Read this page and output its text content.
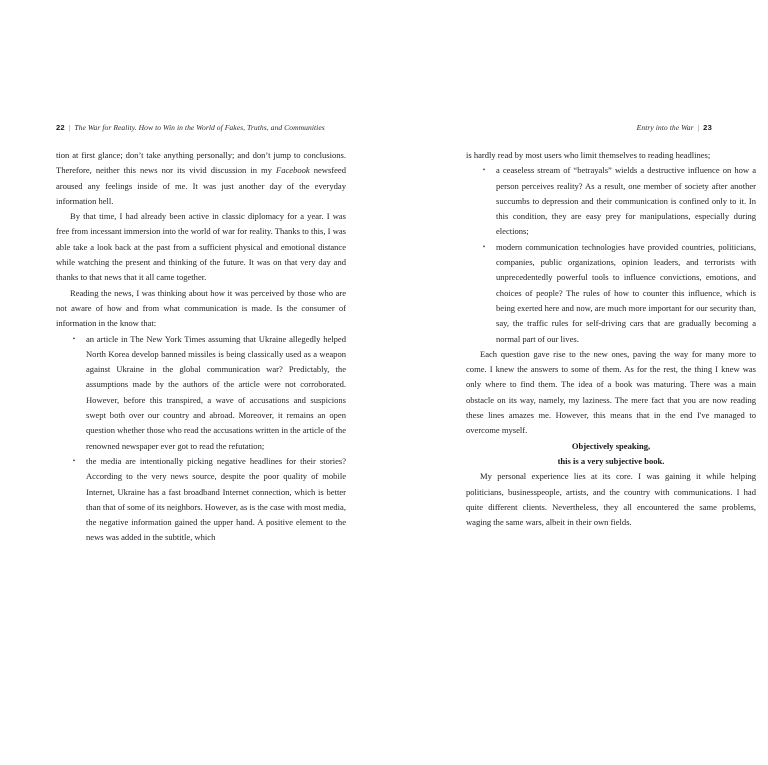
22 | The War for Reality. How to Win in the World of Fakes, Truths, and Communities	Entry into the War | 23

tion at first glance; don’t take anything personally; and don’t jump to conclusions. Therefore, neither this news nor its vivid discussion in my Facebook newsfeed aroused any feelings inside of me. It was just another day of the everyday information hell.

By that time, I had already been active in classic diplomacy for a year. I was free from incessant immersion into the world of war for reality. Thanks to this, I was able take a look back at the past from a sufficient physical and emotional distance while watching the present and thinking of the future. It was on that very day and thanks to that news that it all came together.

Reading the news, I was thinking about how it was perceived by those who are not aware of how and from what communication is made. Is the consumer of information in the know that:

• an article in The New York Times assuming that Ukraine allegedly helped North Korea develop banned missiles is being classically used as a weapon against Ukraine in the global communication war? Predictably, the assumptions made by the authors of the article were not corroborated. However, before this transpired, a wave of accusations and suspicions swept both over our country and abroad. Moreover, it remains an open question whether those who read the accusations written in the article of the renowned newspaper ever got to read the refutation;
• the media are intentionally picking negative headlines for their stories? According to the very news source, despite the poor quality of mobile Internet, Ukraine has a fast broadband Internet connection, which is better than that of some of its neighbors. However, as is the case with most media, the negative information gained the upper hand. A positive element to the news was added in the subtitle, which

is hardly read by most users who limit themselves to reading headlines;

• a ceaseless stream of “betrayals” wields a destructive influence on how a person perceives reality? As a result, one member of society after another succumbs to depression and their communication is confined only to it. In this condition, they are easy prey for manipulations, especially during elections;
• modern communication technologies have provided countries, politicians, companies, public organizations, opinion leaders, and terrorists with unprecedentedly powerful tools to influence convictions, emotions, and choices of people? The rules of how to counter this influence, which is being exerted here and now, are much more important for our security than, say, the traffic rules for self-driving cars that are gradually becoming a normal part of our lives.

Each question gave rise to the new ones, paving the way for many more to come. I knew the answers to some of them. As for the rest, the thing I knew was only where to find them. The idea of a book was maturing. There was a main obstacle on its way, namely, my laziness. The mere fact that you are now reading these lines amazes me. However, this means that in the end I've managed to overcome myself.

Objectively speaking,
this is a very subjective book.

My personal experience lies at its core. I was gaining it while helping politicians, businesspeople, artists, and the country with communications. I had quite different clients. Nevertheless, they all encountered the same problems, waging the same wars, albeit in their own fields.
